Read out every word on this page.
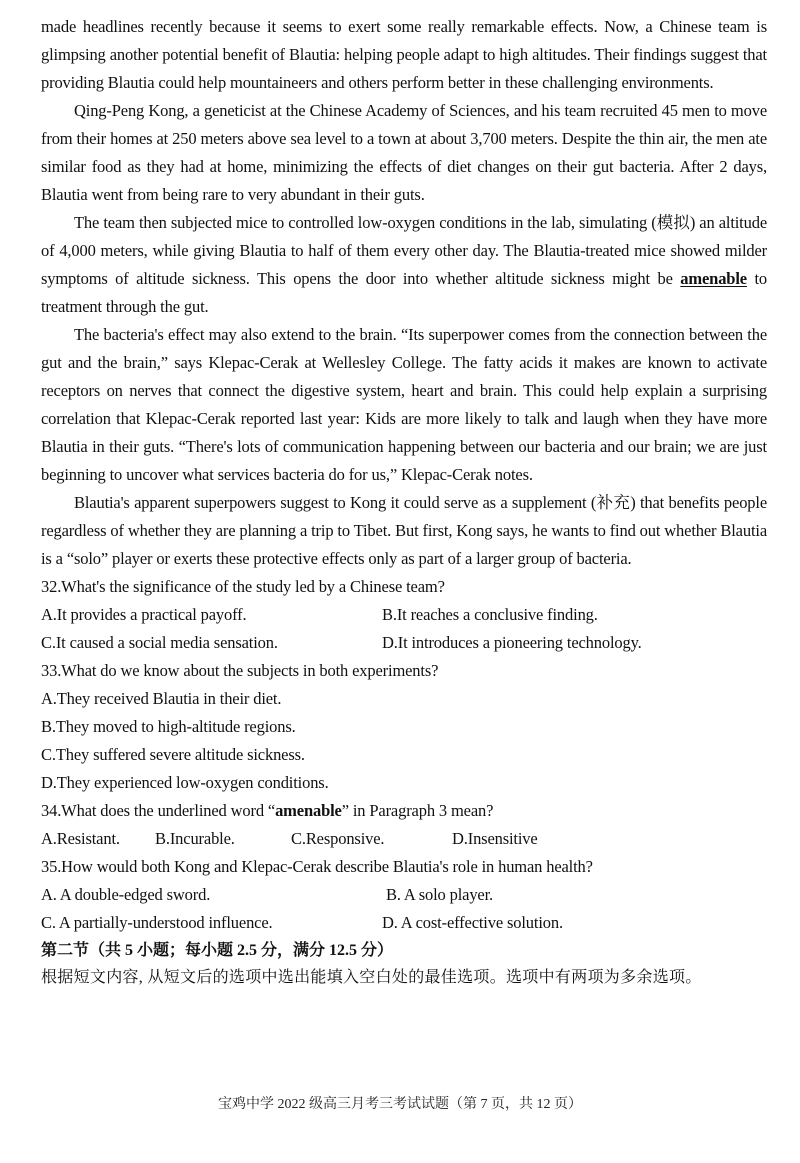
made headlines recently because it seems to exert some really remarkable effects. Now, a Chinese team is glimpsing another potential benefit of Blautia: helping people adapt to high altitudes. Their findings suggest that providing Blautia could help mountaineers and others perform better in these challenging environments.

Qing-Peng Kong, a geneticist at the Chinese Academy of Sciences, and his team recruited 45 men to move from their homes at 250 meters above sea level to a town at about 3,700 meters. Despite the thin air, the men ate similar food as they had at home, minimizing the effects of diet changes on their gut bacteria. After 2 days, Blautia went from being rare to very abundant in their guts.

The team then subjected mice to controlled low-oxygen conditions in the lab, simulating (模拟) an altitude of 4,000 meters, while giving Blautia to half of them every other day. The Blautia-treated mice showed milder symptoms of altitude sickness. This opens the door into whether altitude sickness might be amenable to treatment through the gut.

The bacteria's effect may also extend to the brain. “Its superpower comes from the connection between the gut and the brain,” says Klepac-Cerak at Wellesley College. The fatty acids it makes are known to activate receptors on nerves that connect the digestive system, heart and brain. This could help explain a surprising correlation that Klepac-Cerak reported last year: Kids are more likely to talk and laugh when they have more Blautia in their guts. “There's lots of communication happening between our bacteria and our brain; we are just beginning to uncover what services bacteria do for us,” Klepac-Cerak notes.

Blautia's apparent superpowers suggest to Kong it could serve as a supplement (补充) that benefits people regardless of whether they are planning a trip to Tibet. But first, Kong says, he wants to find out whether Blautia is a “solo” player or exerts these protective effects only as part of a larger group of bacteria.

32.What's the significance of the study led by a Chinese team?

A.It provides a practical payoff.	B.It reaches a conclusive finding.
C.It caused a social media sensation.	D.It introduces a pioneering technology.

33.What do we know about the subjects in both experiments?

A.They received Blautia in their diet.

B.They moved to high-altitude regions.

C.They suffered severe altitude sickness.

D.They experienced low-oxygen conditions.

34.What does the underlined word “amenable” in Paragraph 3 mean?

A.Resistant.	B.Incurable.	C.Responsive.	D.Insensitive

35.How would both Kong and Klepac-Cerak describe Blautia's role in human health?

A. A double-edged sword.	B. A solo player.
C. A partially-understood influence.	D. A cost-effective solution.

第二节（共 5 小题；每小题 2.5 分，满分 12.5 分）

根据短文内容, 从短文后的选项中选出能填入空白处的最佳选项。选项中有两项为多余选项。

宝鸡中学 2022 级高三月考三考试试题（第 7 页，共 12 页）
